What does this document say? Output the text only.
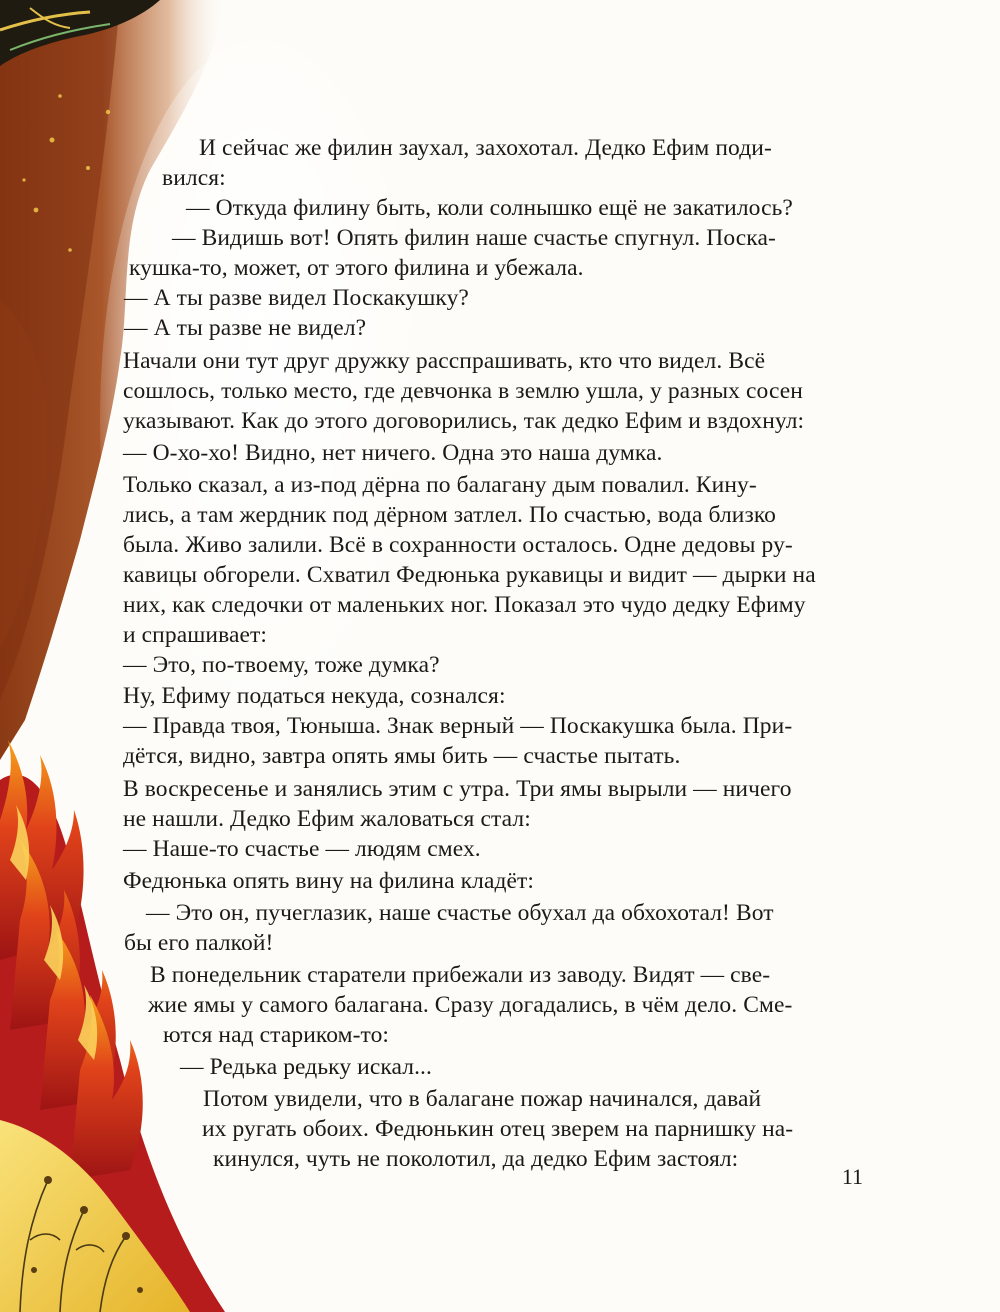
И сейчас же филин заухал, захохотал. Дедко Ефим поди-
вился:
— Откуда филину быть, коли солнышко ещё не закатилось?
— Видишь вот! Опять филин наше счастье спугнул. Поска-
кушка-то, может, от этого филина и убежала.
— А ты разве видел Поскакушку?
— А ты разве не видел?
Начали они тут друг дружку расспрашивать, кто что видел. Всё
сошлось, только место, где девчонка в землю ушла, у разных сосен
указывают. Как до этого договорились, так дедко Ефим и вздохнул:
— О-хо-хо! Видно, нет ничего. Одна это наша думка.
Только сказал, а из-под дёрна по балагану дым повалил. Кину-
лись, а там жердник под дёрном затлел. По счастью, вода близко
была. Живо залили. Всё в сохранности осталось. Одне дедовы ру-
кавицы обгорели. Схватил Федюнька рукавицы и видит — дырки на
них, как следочки от маленьких ног. Показал это чудо дедку Ефиму
и спрашивает:
— Это, по-твоему, тоже думка?
Ну, Ефиму податься некуда, сознался:
— Правда твоя, Тюныша. Знак верный — Поскакушка была. При-
дётся, видно, завтра опять ямы бить — счастье пытать.
В воскресенье и занялись этим с утра. Три ямы вырыли — ничего
не нашли. Дедко Ефим жаловаться стал:
— Наше-то счастье — людям смех.
Федюнька опять вину на филина кладёт:
— Это он, пучеглазик, наше счастье обухал да обхохотал! Вот
бы его палкой!
В понедельник старатели прибежали из заводу. Видят — све-
жие ямы у самого балагана. Сразу догадались, в чём дело. Сме-
ются над стариком-то:
— Редька редьку искал...
Потом увидели, что в балагане пожар начинался, давай
их ругать обоих. Федюнькин отец зверем на парнишку на-
кинулся, чуть не поколотил, да дедко Ефим застоял:
11
